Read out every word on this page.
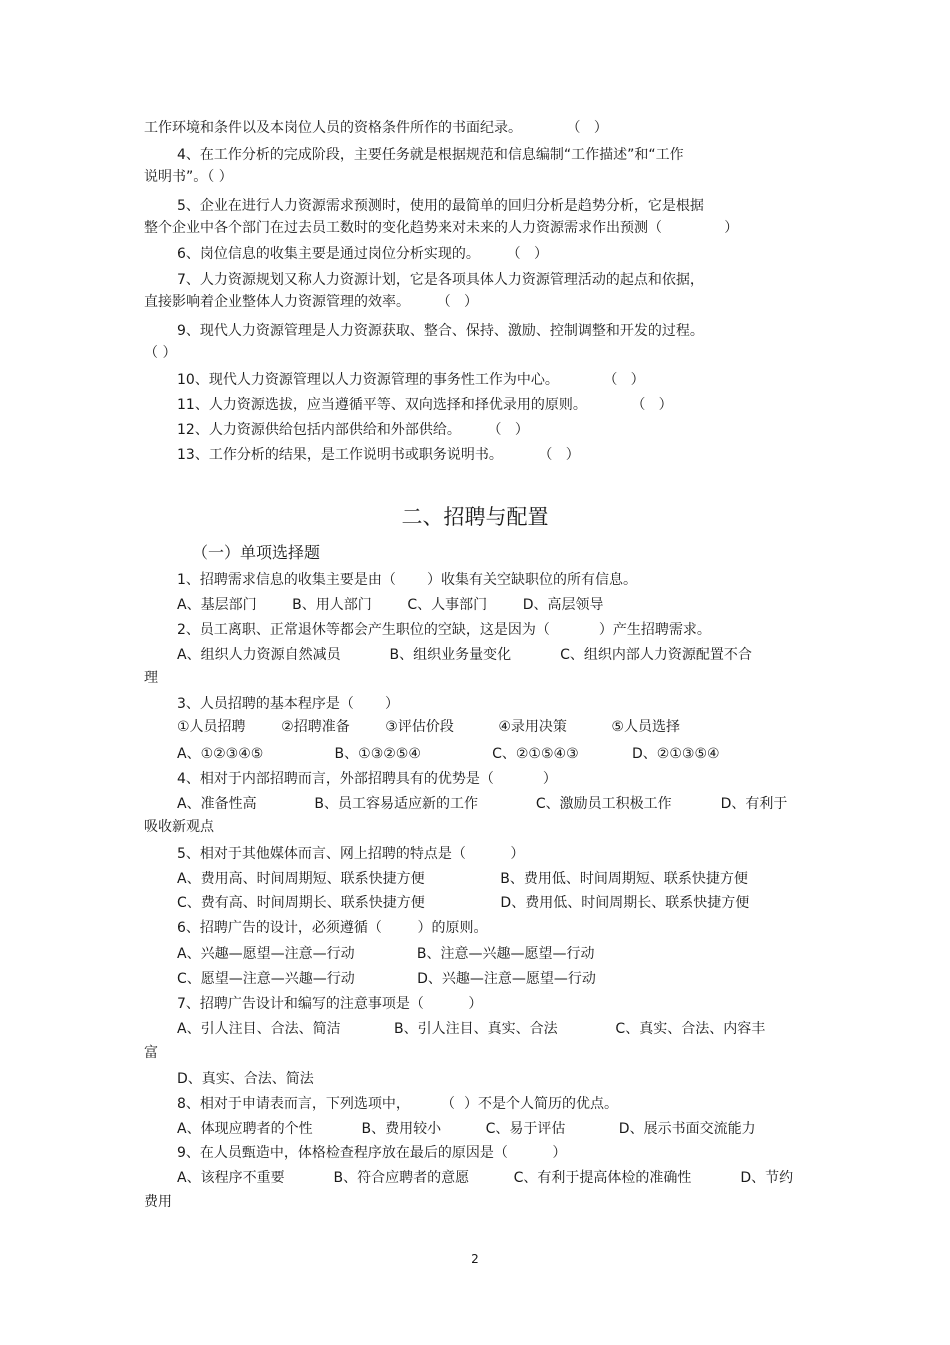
工作环境和条件以及本岗位人员的资格条件所作的书面纪录。          （   ）
4、在工作分析的完成阶段，主要任务就是根据规范和信息编制“工作描述”和“工作
说明书”。（ ）
5、企业在进行人力资源需求预测时，使用的最简单的回归分析是趋势分析，它是根据
整个企业中各个部门在过去员工数时的变化趋势来对未来的人力资源需求作出预测（              ）
6、岗位信息的收集主要是通过岗位分析实现的。      （   ）
7、人力资源规划又称人力资源计划，它是各项具体人力资源管理活动的起点和依据，
直接影响着企业整体人力资源管理的效率。      （   ）
9、现代人力资源管理是人力资源获取、整合、保持、激励、控制调整和开发的过程。
（ ）
10、现代人力资源管理以人力资源管理的事务性工作为中心。          （   ）
11、人力资源选拔，应当遵循平等、双向选择和择优录用的原则。          （   ）
12、人力资源供给包括内部供给和外部供给。      （   ）
13、工作分析的结果，是工作说明书或职务说明书。        （   ）
二、招聘与配置
（一）单项选择题
1、招聘需求信息的收集主要是由（       ）收集有关空缺职位的所有信息。
A、基层部门        B、用人部门        C、人事部门        D、高层领导
2、员工离职、正常退休等都会产生职位的空缺，这是因为（           ）产生招聘需求。
A、组织人力资源自然减员           B、组织业务量变化           C、组织内部人力资源配置不合
理
3、人员招聘的基本程序是（       ）
①人员招聘        ②招聘准备        ③评估价段          ④录用决策          ⑤人员选择
A、①②③④⑤                B、①③②⑤④                C、②①⑤④③            D、②①③⑤④
4、相对于内部招聘而言，外部招聘具有的优势是（           ）
A、准备性高             B、员工容易适应新的工作             C、激励员工积极工作           D、有利于
吸收新观点
5、相对于其他媒体而言、网上招聘的特点是（          ）
A、费用高、时间周期短、联系快捷方便                 B、费用低、时间周期短、联系快捷方便
C、费有高、时间周期长、联系快捷方便                 D、费用低、时间周期长、联系快捷方便
6、招聘广告的设计，必须遵循（        ）的原则。
A、兴趣—愿望—注意—行动              B、注意—兴趣—愿望—行动
C、愿望—注意—兴趣—行动              D、兴趣—注意—愿望—行动
7、招聘广告设计和编写的注意事项是（          ）
A、引人注目、合法、简洁            B、引人注目、真实、合法             C、真实、合法、内容丰
富
D、真实、合法、简法
8、相对于申请表而言，下列选项中，       （  ）不是个人简历的优点。
A、体现应聘者的个性           B、费用较小          C、易于评估            D、展示书面交流能力
9、在人员甄造中，体格检查程序放在最后的原因是（          ）
A、该程序不重要           B、符合应聘者的意愿          C、有利于提高体检的准确性           D、节约
费用
2
